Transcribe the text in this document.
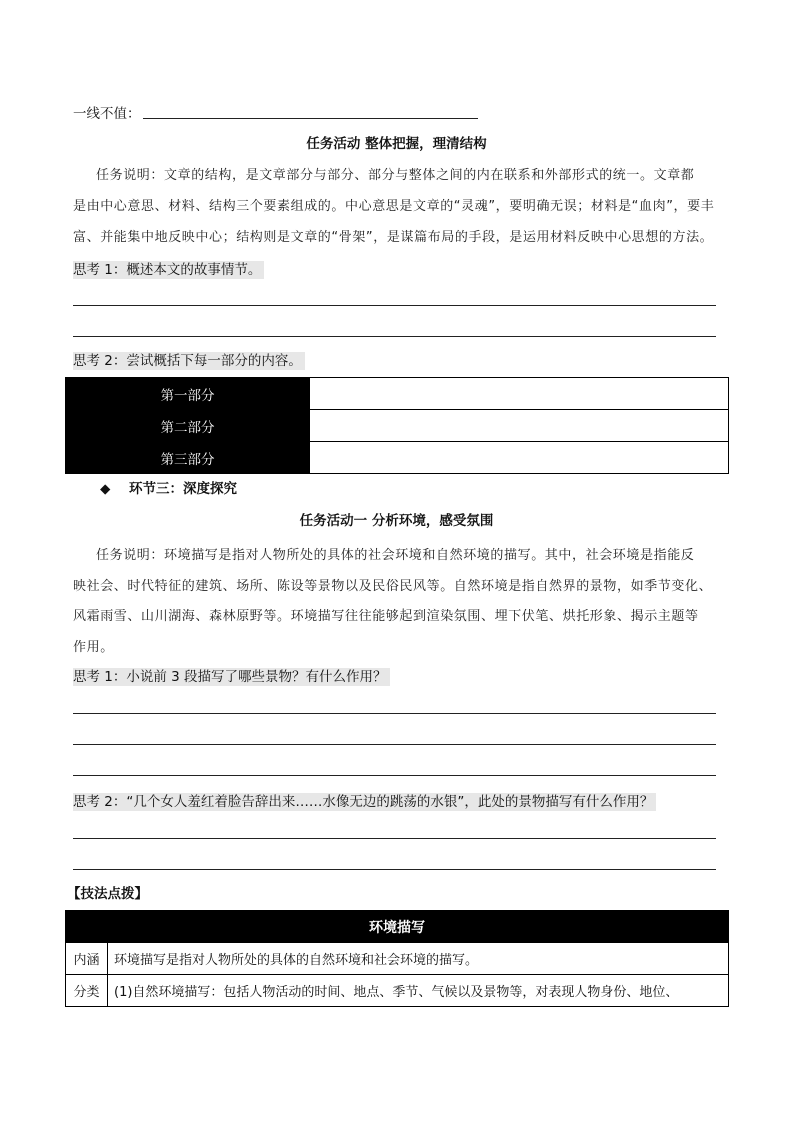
一线不值：
任务活动 整体把握，理清结构
任务说明：文章的结构，是文章部分与部分、部分与整体之间的内在联系和外部形式的统一。文章都
是由中心意思、材料、结构三个要素组成的。中心意思是文章的“灵魂”，要明确无误；材料是“血肉”，要丰
富、并能集中地反映中心；结构则是文章的“骨架”，是谋篇布局的手段，是运用材料反映中心思想的方法。
思考 1：概述本文的故事情节。
思考 2：尝试概括下每一部分的内容。
第一部分	
第二部分	
第三部分	
◆ 环节三：深度探究
任务活动一 分析环境，感受氛围
任务说明：环境描写是指对人物所处的具体的社会环境和自然环境的描写。其中，社会环境是指能反
映社会、时代特征的建筑、场所、陈设等景物以及民俗民风等。自然环境是指自然界的景物，如季节变化、
风霜雨雪、山川湖海、森林原野等。环境描写往往能够起到渲染氛围、埋下伏笔、烘托形象、揭示主题等
作用。
思考 1：小说前 3 段描写了哪些景物？有什么作用？
思考 2：“几个女人羞红着脸告辞出来……水像无边的跳荡的水银”，此处的景物描写有什么作用？
【技法点拨】
环境描写	
内涵	环境描写是指对人物所处的具体的自然环境和社会环境的描写。
分类	(1)自然环境描写：包括人物活动的时间、地点、季节、气候以及景物等，对表现人物身份、地位、
